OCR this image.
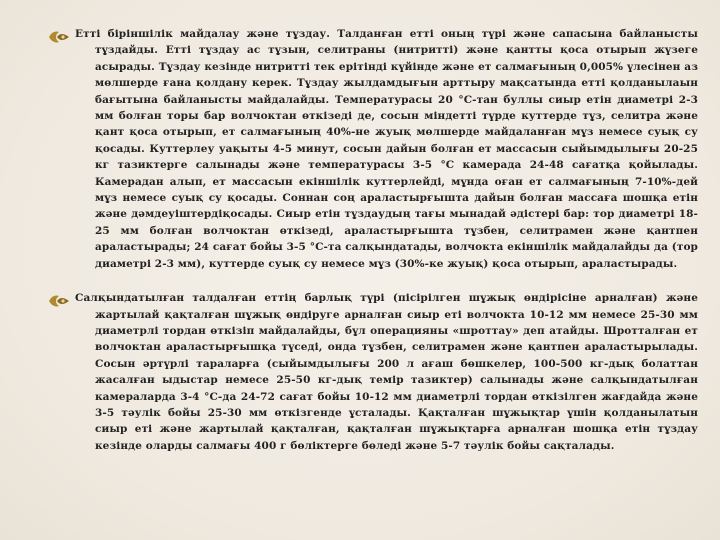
Етті біріншілік майдалау және тұздау. Талданған етті оның түрі және сапасына байланысты тұздайды. Етті тұздау ас тұзын, селитраны (нитритті) және қантты қоса отырып жүзеге асырады. Тұздау кезінде нитритті тек ерітінді күйінде және ет салмағының 0,005% үлесінен аз мөлшерде ғана қолдану керек. Тұздау жылдамдығын арттыру мақсатында етті қолданылаын бағытына байланысты майдалайды. Температурасы 20 °С-тан буллы сиыр етін диаметрі 2-3 мм болған торы бар волчоктан өткізеді де, сосын міндетті түрде куттерде тұз, селитра және қант қоса отырып, ет салмағының 40%-не жуық мөлшерде майдаланған мұз немесе суық су қосады. Куттерлеу уақыты 4-5 минут, сосын дайын болған ет массасын сыйымдылығы 20-25 кг тазиктерге салынады және температурасы 3-5 °С камерада 24-48 сағатқа қойылады. Камерадан алып, ет массасын екіншілік куттерлейді, мұнда оған ет салмағының 7-10%-дей мұз немесе суық су қосады. Соннан соң араластырғышта дайын болған массаға шошқа етін және дәмдеуіштердіқосады. Сиыр етін тұздаудың тағы мынадай әдістері бар: тор диаметрі 18-25 мм болған волчоктан өткізеді, араластырғышта тұзбен, селитрамен және қантпен араластырады; 24 сағат бойы 3-5 °С-та салқындатады, волчокта екіншілік майдалайды да (тор диаметрі 2-3 мм), куттерде суық су немесе мұз (30%-ке жуық) қоса отырып, араластырады.

Салқындатылған талдалған еттің барлық түрі (пісірілген шұжық өндірісіне арналған) және жартылай қақталған шұжық өндіруге арналған сиыр еті волчокта 10-12 мм немесе 25-30 мм диаметрлі тордан өткізіп майдалайды, бұл операцияны «шроттау» деп атайды. Шротталған ет волчоктан араластырғышқа түседі, онда тұзбен, селитрамен және қантпен араластырылады. Сосын әртүрлі тараларға (сыйымдылығы 200 л ағаш бөшкелер, 100-500 кг-дық болаттан жасалған ыдыстар немесе 25-50 кг-дық темір тазиктер) салынады және салқындатылған камераларда 3-4 °С-да 24-72 сағат бойы 10-12 мм диаметрлі тордан өткізілген жағдайда және 3-5 тәулік бойы 25-30 мм өткізгенде ұсталады. Қақталған шұжықтар үшін қолданылатын сиыр еті және жартылай қақталған, қақталған шұжықтарға арналған шошқа етін тұздау кезінде оларды салмағы 400 г бөліктерге бөледі және 5-7 тәулік бойы сақталады.
